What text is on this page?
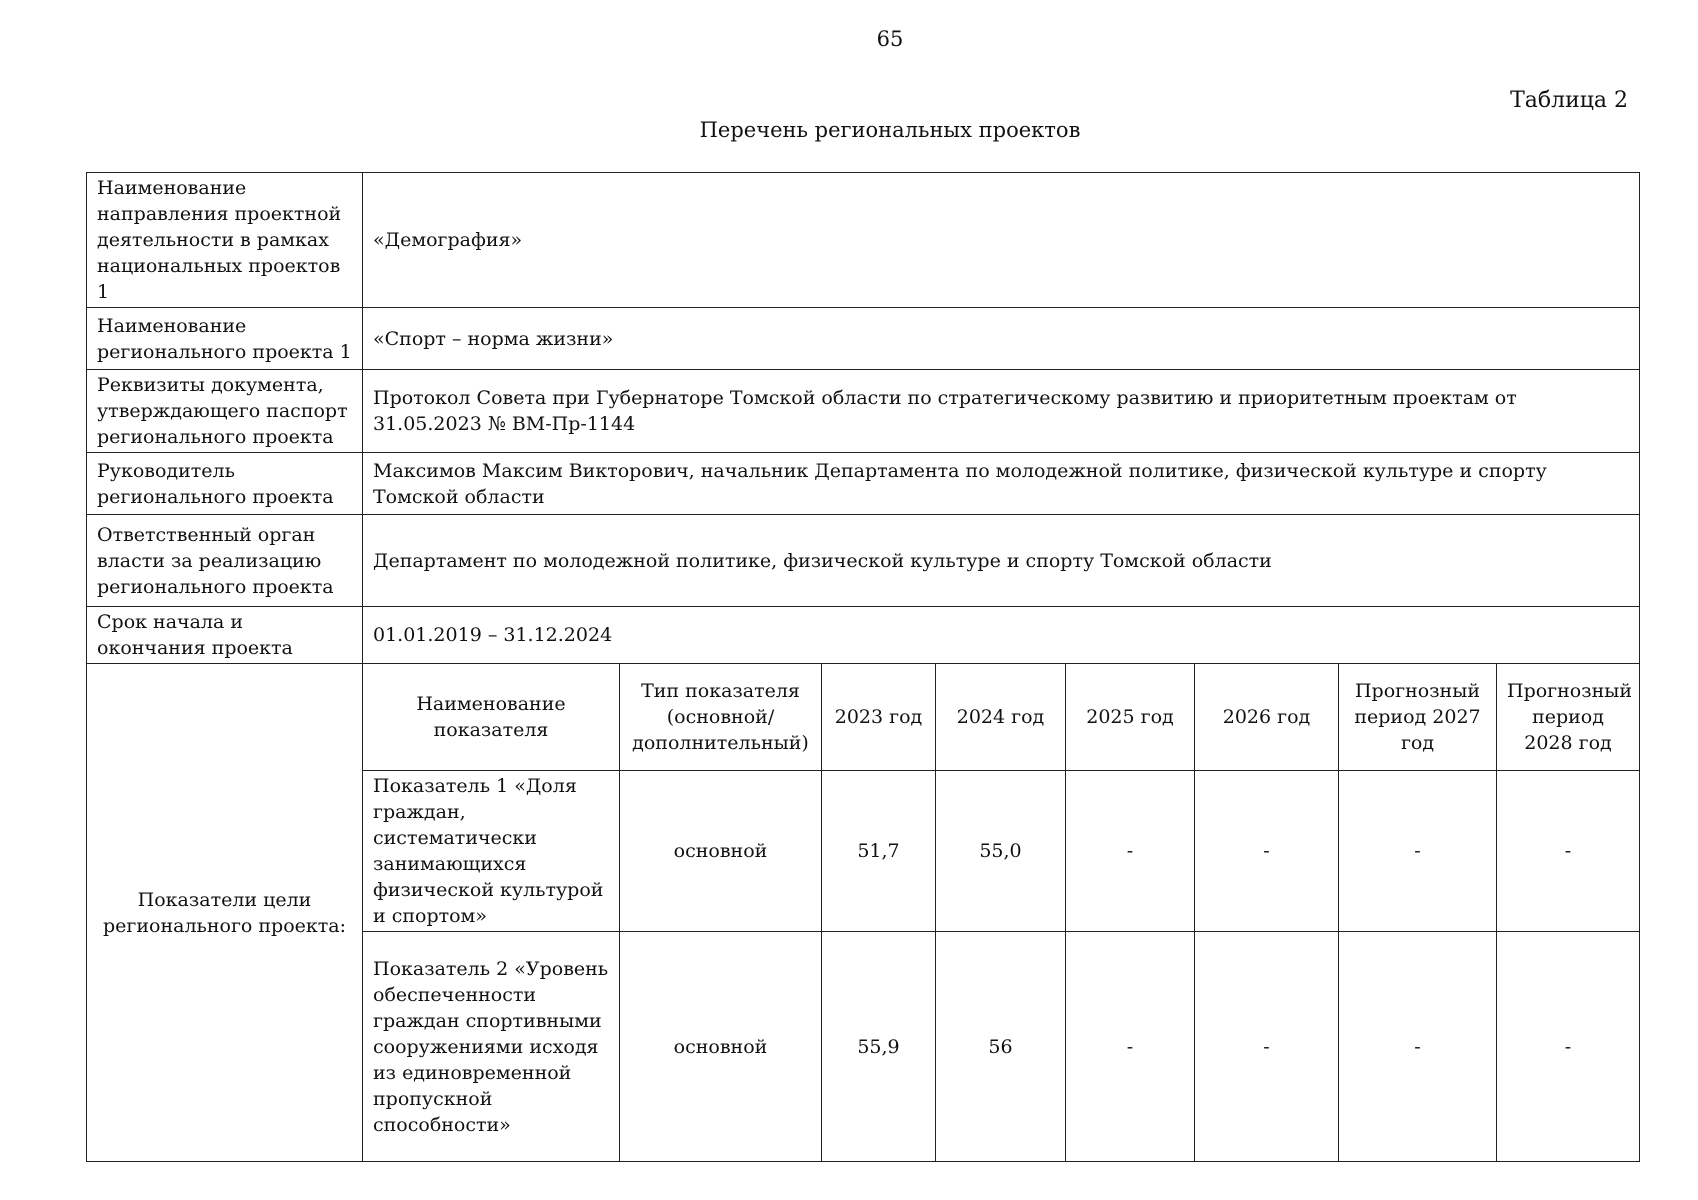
65
Таблица 2
Перечень региональных проектов
Наименование направления проектной деятельности в рамках национальных проектов 1	«Демография»							
Наименование регионального проекта 1	«Спорт – норма жизни»							
Реквизиты документа, утверждающего паспорт регионального проекта	Протокол Совета при Губернаторе Томской области по стратегическому развитию и приоритетным проектам от 31.05.2023 № ВМ-Пр-1144							
Руководитель регионального проекта	Максимов Максим Викторович, начальник Департамента по молодежной политике, физической культуре и спорту Томской области							
Ответственный орган власти за реализацию регионального проекта	Департамент по молодежной политике, физической культуре и спорту Томской области							
Срок начала и окончания проекта	01.01.2019 – 31.12.2024							
Показатели цели регионального проекта:	Наименование показателя	Тип показателя (основной/ дополнительный)	2023 год	2024 год	2025 год	2026 год	Прогнозный период 2027 год	Прогнозный период 2028 год
	Показатель 1 «Доля граждан, систематически занимающихся физической культурой и спортом»	основной	51,7	55,0	-	-	-	-
	Показатель 2 «Уровень обеспеченности граждан спортивными сооружениями исходя из единовременной пропускной способности»	основной	55,9	56	-	-	-	-
